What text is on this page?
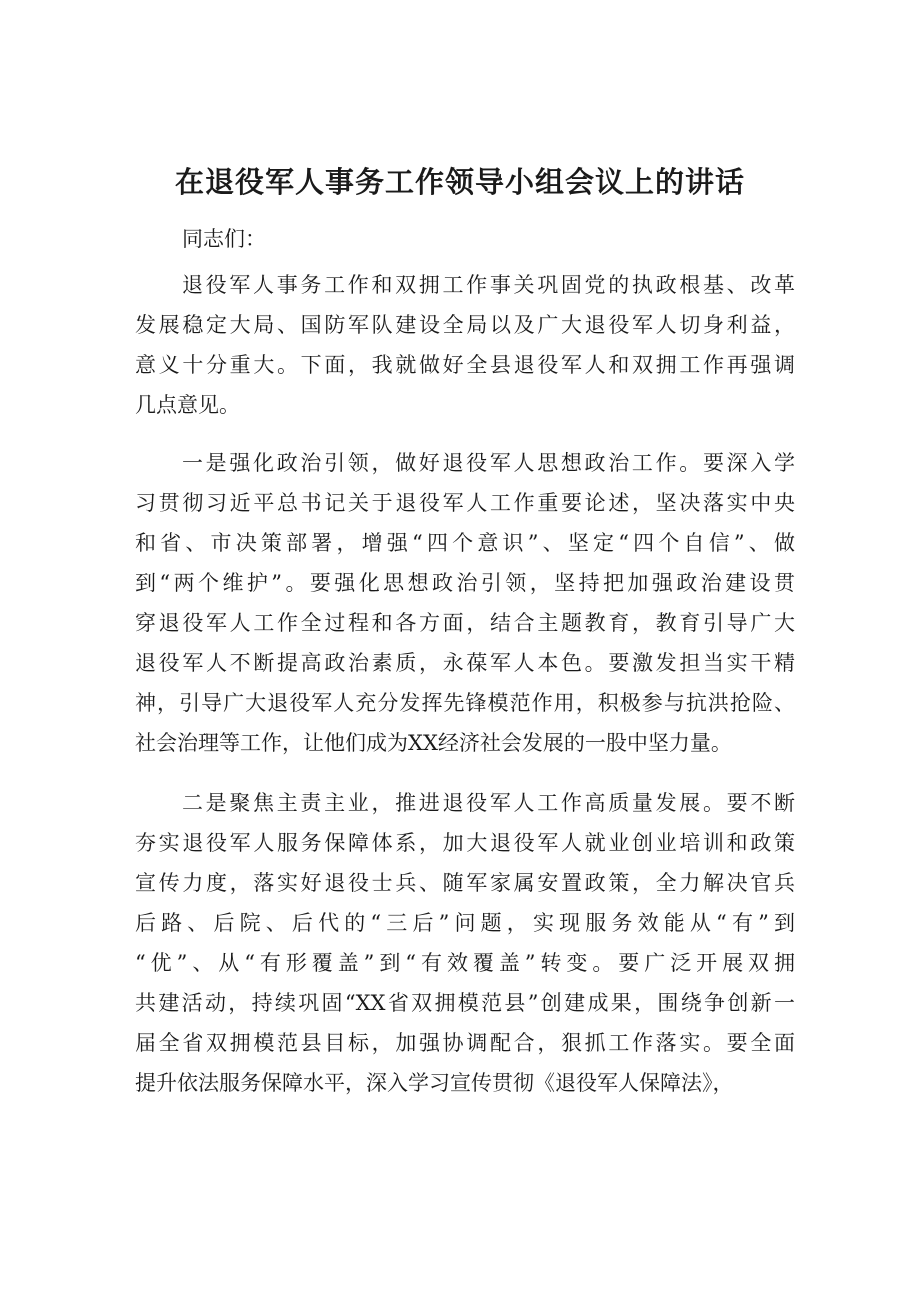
在退役军人事务工作领导小组会议上的讲话

同志们：

退役军人事务工作和双拥工作事关巩固党的执政根基、改革
发展稳定大局、国防军队建设全局以及广大退役军人切身利益，
意义十分重大。下面，我就做好全县退役军人和双拥工作再强调
几点意见。
一是强化政治引领，做好退役军人思想政治工作。要深入学
习贯彻习近平总书记关于退役军人工作重要论述，坚决落实中央
和省、市决策部署，增强“四个意识”、坚定“四个自信”、做
到“两个维护”。要强化思想政治引领，坚持把加强政治建设贯
穿退役军人工作全过程和各方面，结合主题教育，教育引导广大
退役军人不断提高政治素质，永葆军人本色。要激发担当实干精
神，引导广大退役军人充分发挥先锋模范作用，积极参与抗洪抢险、
社会治理等工作，让他们成为XX经济社会发展的一股中坚力量。
二是聚焦主责主业，推进退役军人工作高质量发展。要不断
夯实退役军人服务保障体系，加大退役军人就业创业培训和政策
宣传力度，落实好退役士兵、随军家属安置政策，全力解决官兵
后路、后院、后代的“三后”问题，实现服务效能从“有”到
“优”、从“有形覆盖”到“有效覆盖”转变。要广泛开展双拥
共建活动，持续巩固“XX省双拥模范县”创建成果，围绕争创新一
届全省双拥模范县目标，加强协调配合，狠抓工作落实。要全面
提升依法服务保障水平，深入学习宣传贯彻《退役军人保障法》，
